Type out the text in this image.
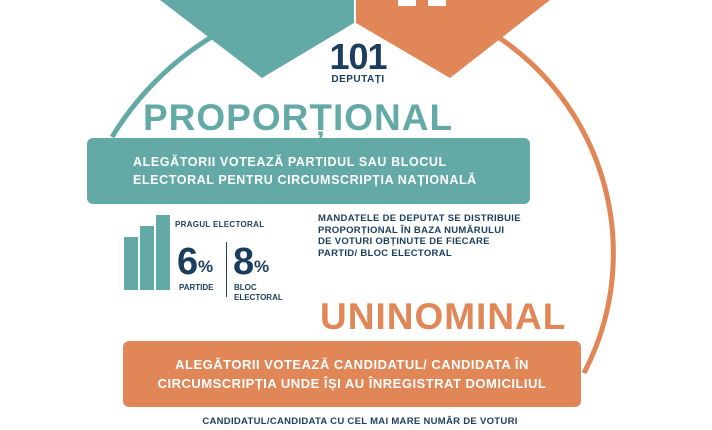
101
DEPUTAȚI
PROPORȚIONAL
ALEGĂTORII VOTEAZĂ PARTIDUL SAU BLOCUL
ELECTORAL PENTRU CIRCUMSCRIPȚIA NAȚIONALĂ
PRAGUL ELECTORAL
6 %
PARTIDE
8 %
BLOC
ELECTORAL
MANDATELE DE DEPUTAT SE DISTRIBUIE
PROPORȚIONAL ÎN BAZA NUMĂRULUI
DE VOTURI OBȚINUTE DE FIECARE
PARTID/ BLOC ELECTORAL
UNINOMINAL
ALEGĂTORII VOTEAZĂ CANDIDATUL/ CANDIDATA ÎN
CIRCUMSCRIPȚIA UNDE ÎȘI AU ÎNREGISTRAT DOMICILIUL
CANDIDATUL/CANDIDATA CU CEL MAI MARE NUMĂR DE VOTURI
